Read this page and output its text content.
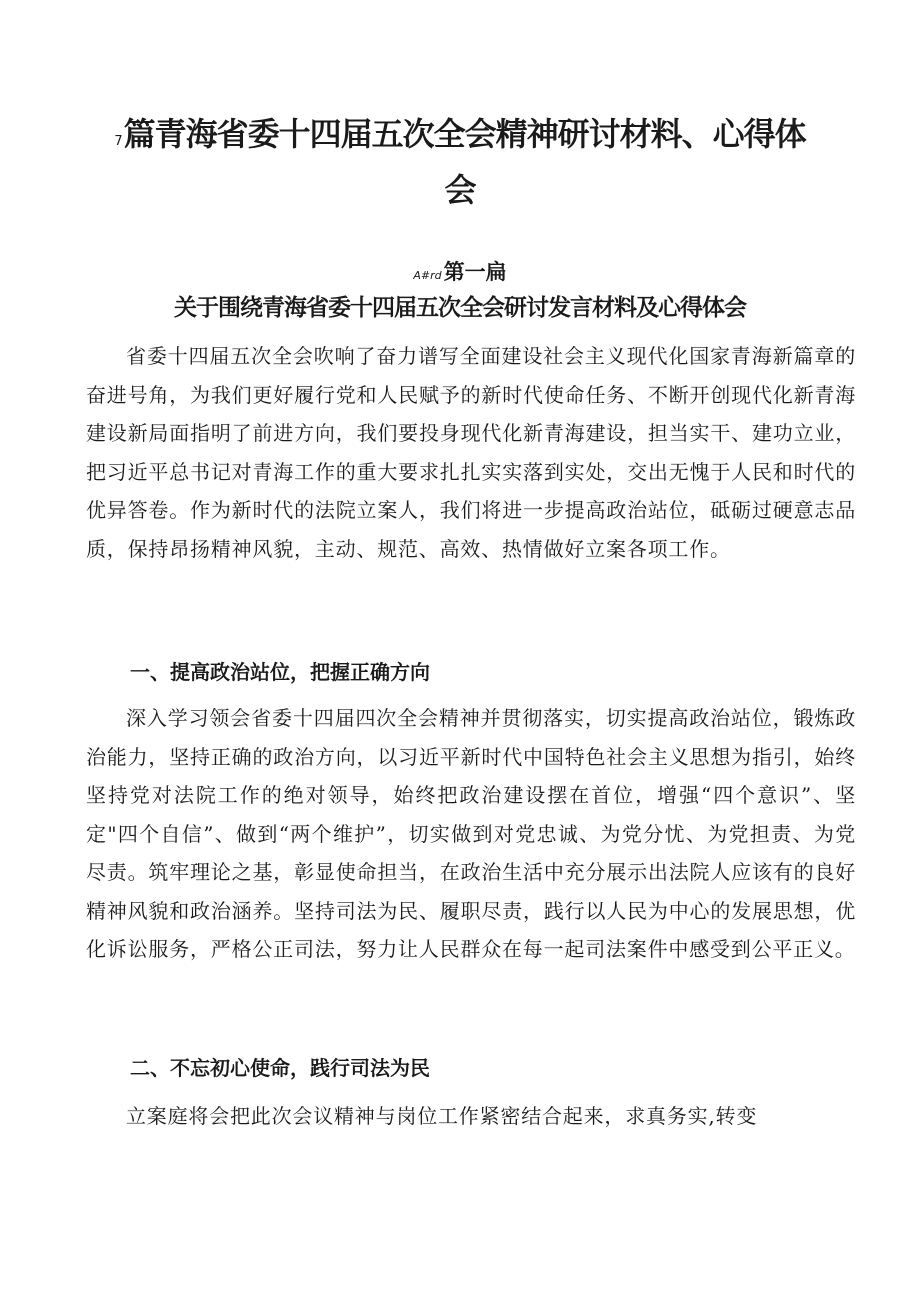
7篇青海省委十四届五次全会精神研讨材料、心得体会
A#rd第一扁
关于围绕青海省委十四届五次全会研讨发言材料及心得体会

省委十四届五次全会吹响了奋力谱写全面建设社会主义现代化国家青海新篇章的奋进号角，为我们更好履行党和人民赋予的新时代使命任务、不断开创现代化新青海建设新局面指明了前进方向，我们要投身现代化新青海建设，担当实干、建功立业，把习近平总书记对青海工作的重大要求扎扎实实落到实处，交出无愧于人民和时代的优异答卷。作为新时代的法院立案人，我们将进一步提高政治站位，砥砺过硬意志品质，保持昂扬精神风貌，主动、规范、高效、热情做好立案各项工作。

一、提高政治站位，把握正确方向

深入学习领会省委十四届四次全会精神并贯彻落实，切实提高政治站位，锻炼政治能力，坚持正确的政治方向，以习近平新时代中国特色社会主义思想为指引，始终坚持党对法院工作的绝对领导，始终把政治建设摆在首位，增强“四个意识”、坚定"四个自信”、做到“两个维护”，切实做到对党忠诚、为党分忧、为党担责、为党尽责。筑牢理论之基，彰显使命担当，在政治生活中充分展示出法院人应该有的良好精神风貌和政治涵养。坚持司法为民、履职尽责，践行以人民为中心的发展思想，优化诉讼服务，严格公正司法，努力让人民群众在每一起司法案件中感受到公平正义。

二、不忘初心使命，践行司法为民

立案庭将会把此次会议精神与岗位工作紧密结合起来，求真务实,转变
